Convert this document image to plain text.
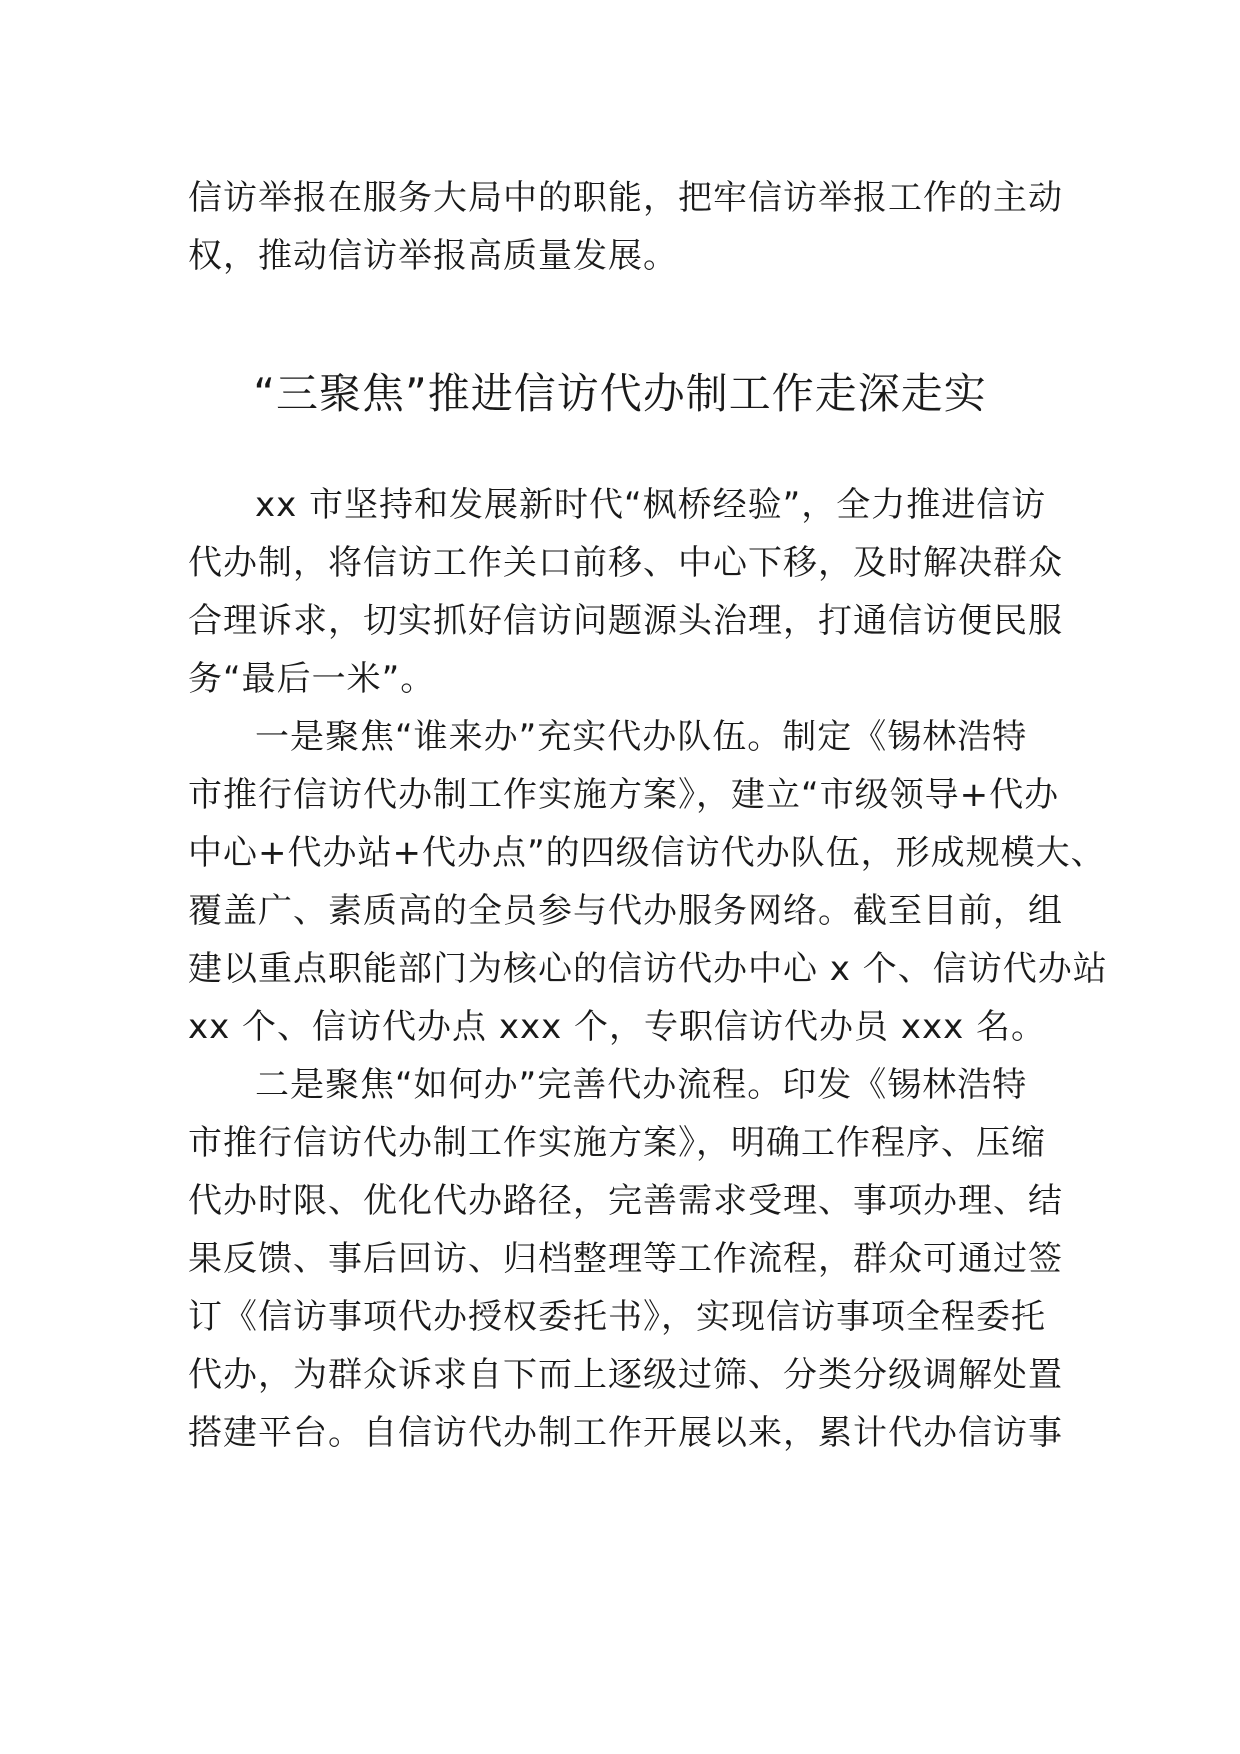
信访举报在服务大局中的职能，把牢信访举报工作的主动
权，推动信访举报高质量发展。
“三聚焦”推进信访代办制工作走深走实
xx 市坚持和发展新时代“枫桥经验”，全力推进信访
代办制，将信访工作关口前移、中心下移，及时解决群众
合理诉求，切实抓好信访问题源头治理，打通信访便民服
务“最后一米”。
一是聚焦“谁来办”充实代办队伍。制定《锡林浩特
市推行信访代办制工作实施方案》，建立“市级领导+代办
中心+代办站+代办点”的四级信访代办队伍，形成规模大、
覆盖广、素质高的全员参与代办服务网络。截至目前，组
建以重点职能部门为核心的信访代办中心 x 个、信访代办站
xx 个、信访代办点 xxx 个，专职信访代办员 xxx 名。
二是聚焦“如何办”完善代办流程。印发《锡林浩特
市推行信访代办制工作实施方案》，明确工作程序、压缩
代办时限、优化代办路径，完善需求受理、事项办理、结
果反馈、事后回访、归档整理等工作流程，群众可通过签
订《信访事项代办授权委托书》，实现信访事项全程委托
代办，为群众诉求自下而上逐级过筛、分类分级调解处置
搭建平台。自信访代办制工作开展以来，累计代办信访事
